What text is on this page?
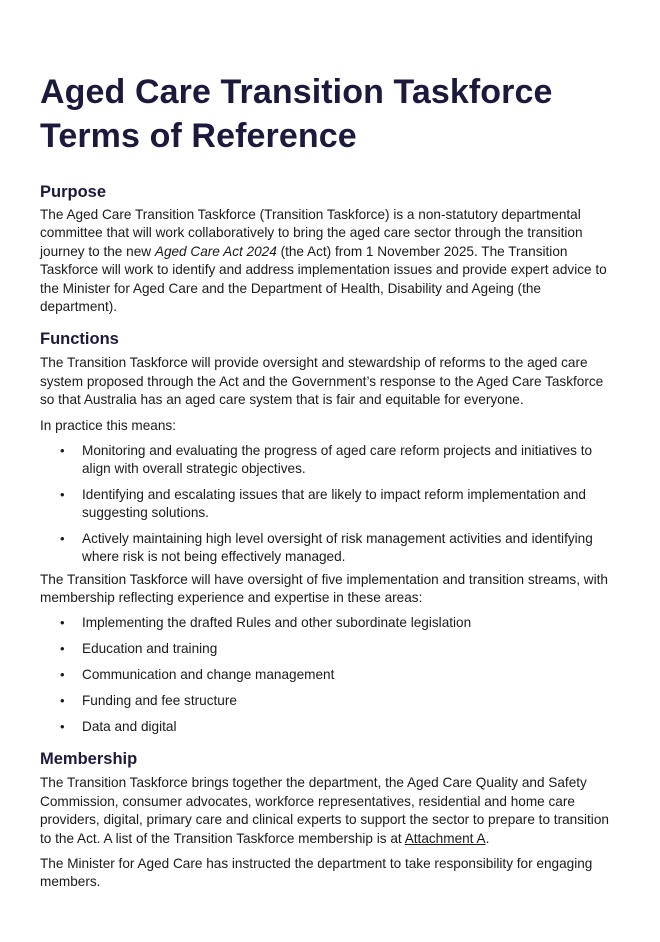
Aged Care Transition Taskforce
Terms of Reference
Purpose

The Aged Care Transition Taskforce (Transition Taskforce) is a non-statutory departmental committee that will work collaboratively to bring the aged care sector through the transition journey to the new Aged Care Act 2024 (the Act) from 1 November 2025. The Transition Taskforce will work to identify and address implementation issues and provide expert advice to the Minister for Aged Care and the Department of Health, Disability and Ageing (the department).

Functions

The Transition Taskforce will provide oversight and stewardship of reforms to the aged care system proposed through the Act and the Government’s response to the Aged Care Taskforce so that Australia has an aged care system that is fair and equitable for everyone.

In practice this means:

• Monitoring and evaluating the progress of aged care reform projects and initiatives to align with overall strategic objectives.
• Identifying and escalating issues that are likely to impact reform implementation and suggesting solutions.
• Actively maintaining high level oversight of risk management activities and identifying where risk is not being effectively managed.

The Transition Taskforce will have oversight of five implementation and transition streams, with membership reflecting experience and expertise in these areas:

• Implementing the drafted Rules and other subordinate legislation
• Education and training
• Communication and change management
• Funding and fee structure
• Data and digital
Membership

The Transition Taskforce brings together the department, the Aged Care Quality and Safety Commission, consumer advocates, workforce representatives, residential and home care providers, digital, primary care and clinical experts to support the sector to prepare to transition to the Act. A list of the Transition Taskforce membership is at Attachment A.

The Minister for Aged Care has instructed the department to take responsibility for engaging members.
